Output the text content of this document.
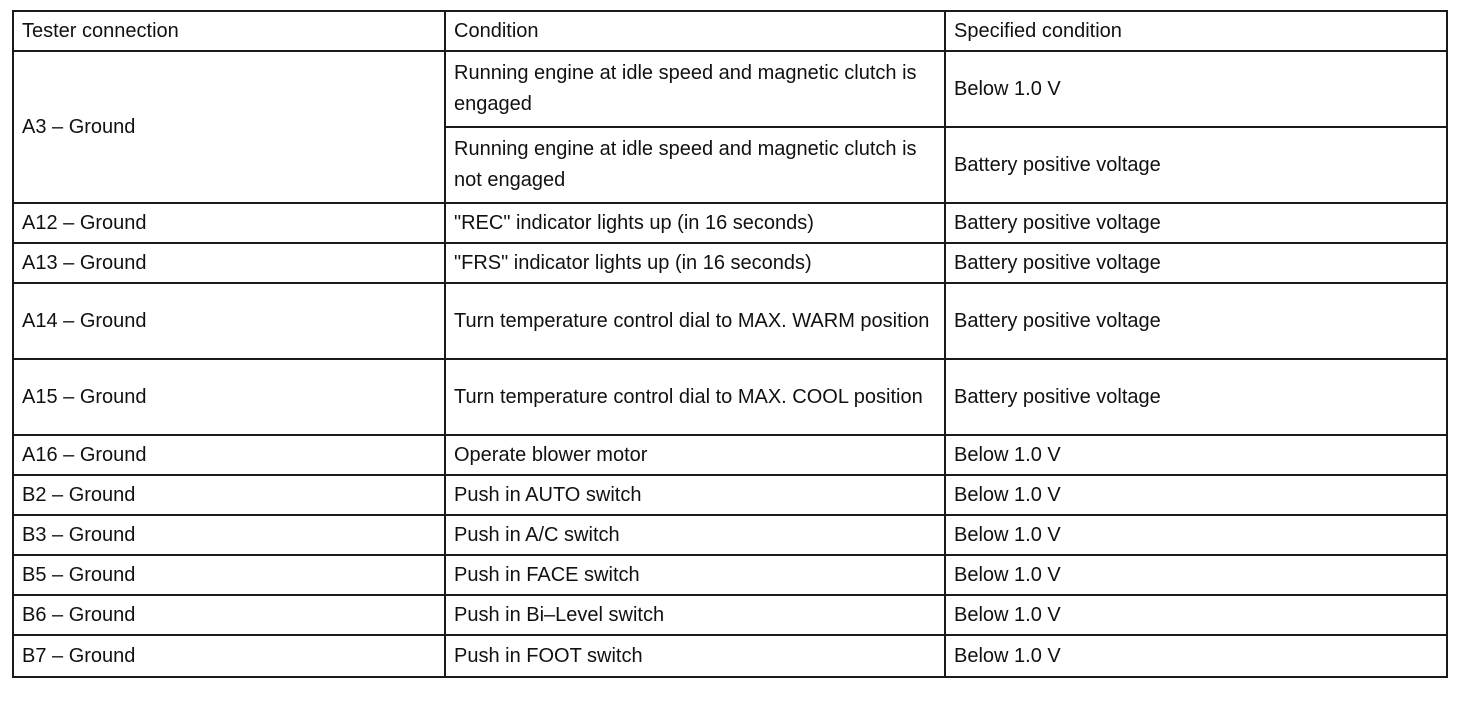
Tester connection	Condition	Specified condition
A3 – Ground	Running engine at idle speed and magnetic clutch is engaged	Below 1.0 V
	Running engine at idle speed and magnetic clutch is not engaged	Battery positive voltage
A12 – Ground	"REC" indicator lights up (in 16 seconds)	Battery positive voltage
A13 – Ground	"FRS" indicator lights up (in 16 seconds)	Battery positive voltage
A14 – Ground	Turn temperature control dial to MAX. WARM position	Battery positive voltage
A15 – Ground	Turn temperature control dial to MAX. COOL position	Battery positive voltage
A16 – Ground	Operate blower motor	Below 1.0 V
B2 – Ground	Push in AUTO switch	Below 1.0 V
B3 – Ground	Push in A/C switch	Below 1.0 V
B5 – Ground	Push in FACE switch	Below 1.0 V
B6 – Ground	Push in Bi–Level switch	Below 1.0 V
B7 – Ground	Push in FOOT switch	Below 1.0 V
